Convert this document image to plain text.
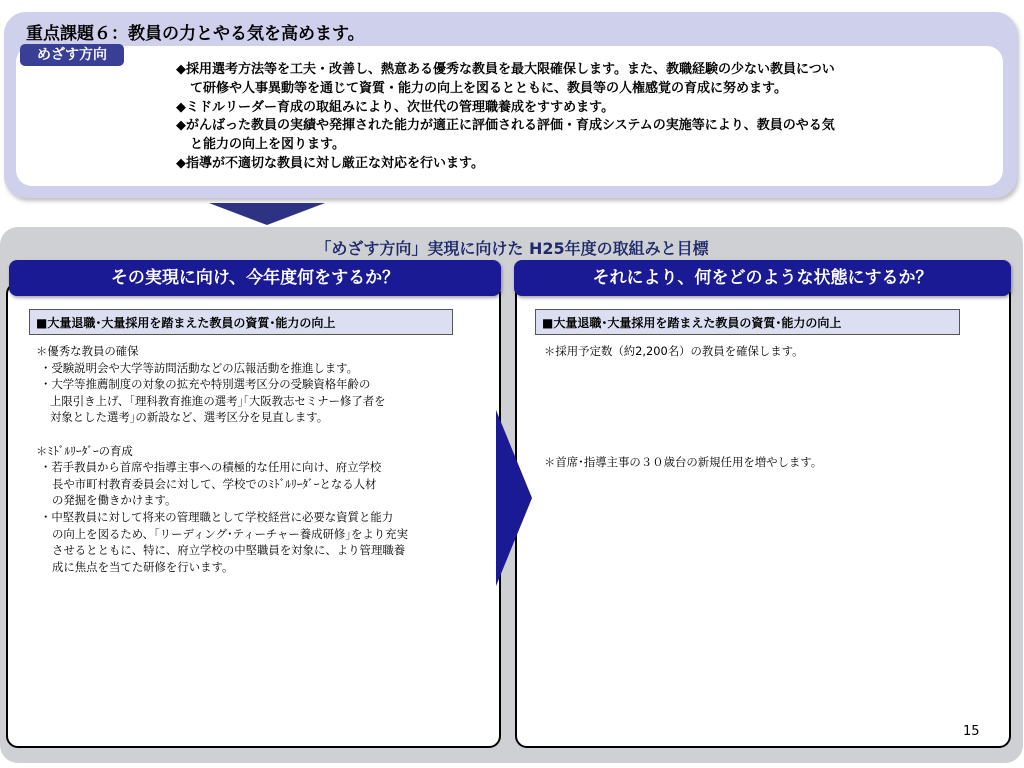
重点課題６：教員の力とやる気を高めます。
めざす方向
◆採用選考方法等を工夫・改善し、熱意ある優秀な教員を最大限確保します。また、教職経験の少ない教員につい
て研修や人事異動等を通じて資質・能力の向上を図るとともに、教員等の人権感覚の育成に努めます。
◆ミドルリーダー育成の取組みにより、次世代の管理職養成をすすめます。
◆がんばった教員の実績や発揮された能力が適正に評価される評価・育成システムの実施等により、教員のやる気
と能力の向上を図ります。
◆指導が不適切な教員に対し厳正な対応を行います。
「めざす方向」実現に向けた H25年度の取組みと目標
その実現に向け、今年度何をするか？	それにより、何をどのような状態にするか？
■大量退職･大量採用を踏まえた教員の資質･能力の向上	■大量退職･大量採用を踏まえた教員の資質･能力の向上
＊優秀な教員の確保
・受験説明会や大学等訪問活動などの広報活動を推進します。
・大学等推薦制度の対象の拡充や特別選考区分の受験資格年齢の
上限引き上げ、｢理科教育推進の選考｣｢大阪教志セミナー修了者を
対象とした選考｣の新設など、選考区分を見直します。
＊ﾐﾄﾞﾙﾘｰﾀﾞｰの育成
・若手教員から首席や指導主事への積極的な任用に向け、府立学校
長や市町村教育委員会に対して、学校でのﾐﾄﾞﾙﾘｰﾀﾞｰとなる人材
の発掘を働きかけます。
・中堅教員に対して将来の管理職として学校経営に必要な資質と能力
の向上を図るため、｢リーディング･ティーチャー養成研修｣をより充実
させるとともに、特に、府立学校の中堅職員を対象に、より管理職養
成に焦点を当てた研修を行います。
＊採用予定数（約2,200名）の教員を確保します。
＊首席･指導主事の３０歳台の新規任用を増やします。
15
